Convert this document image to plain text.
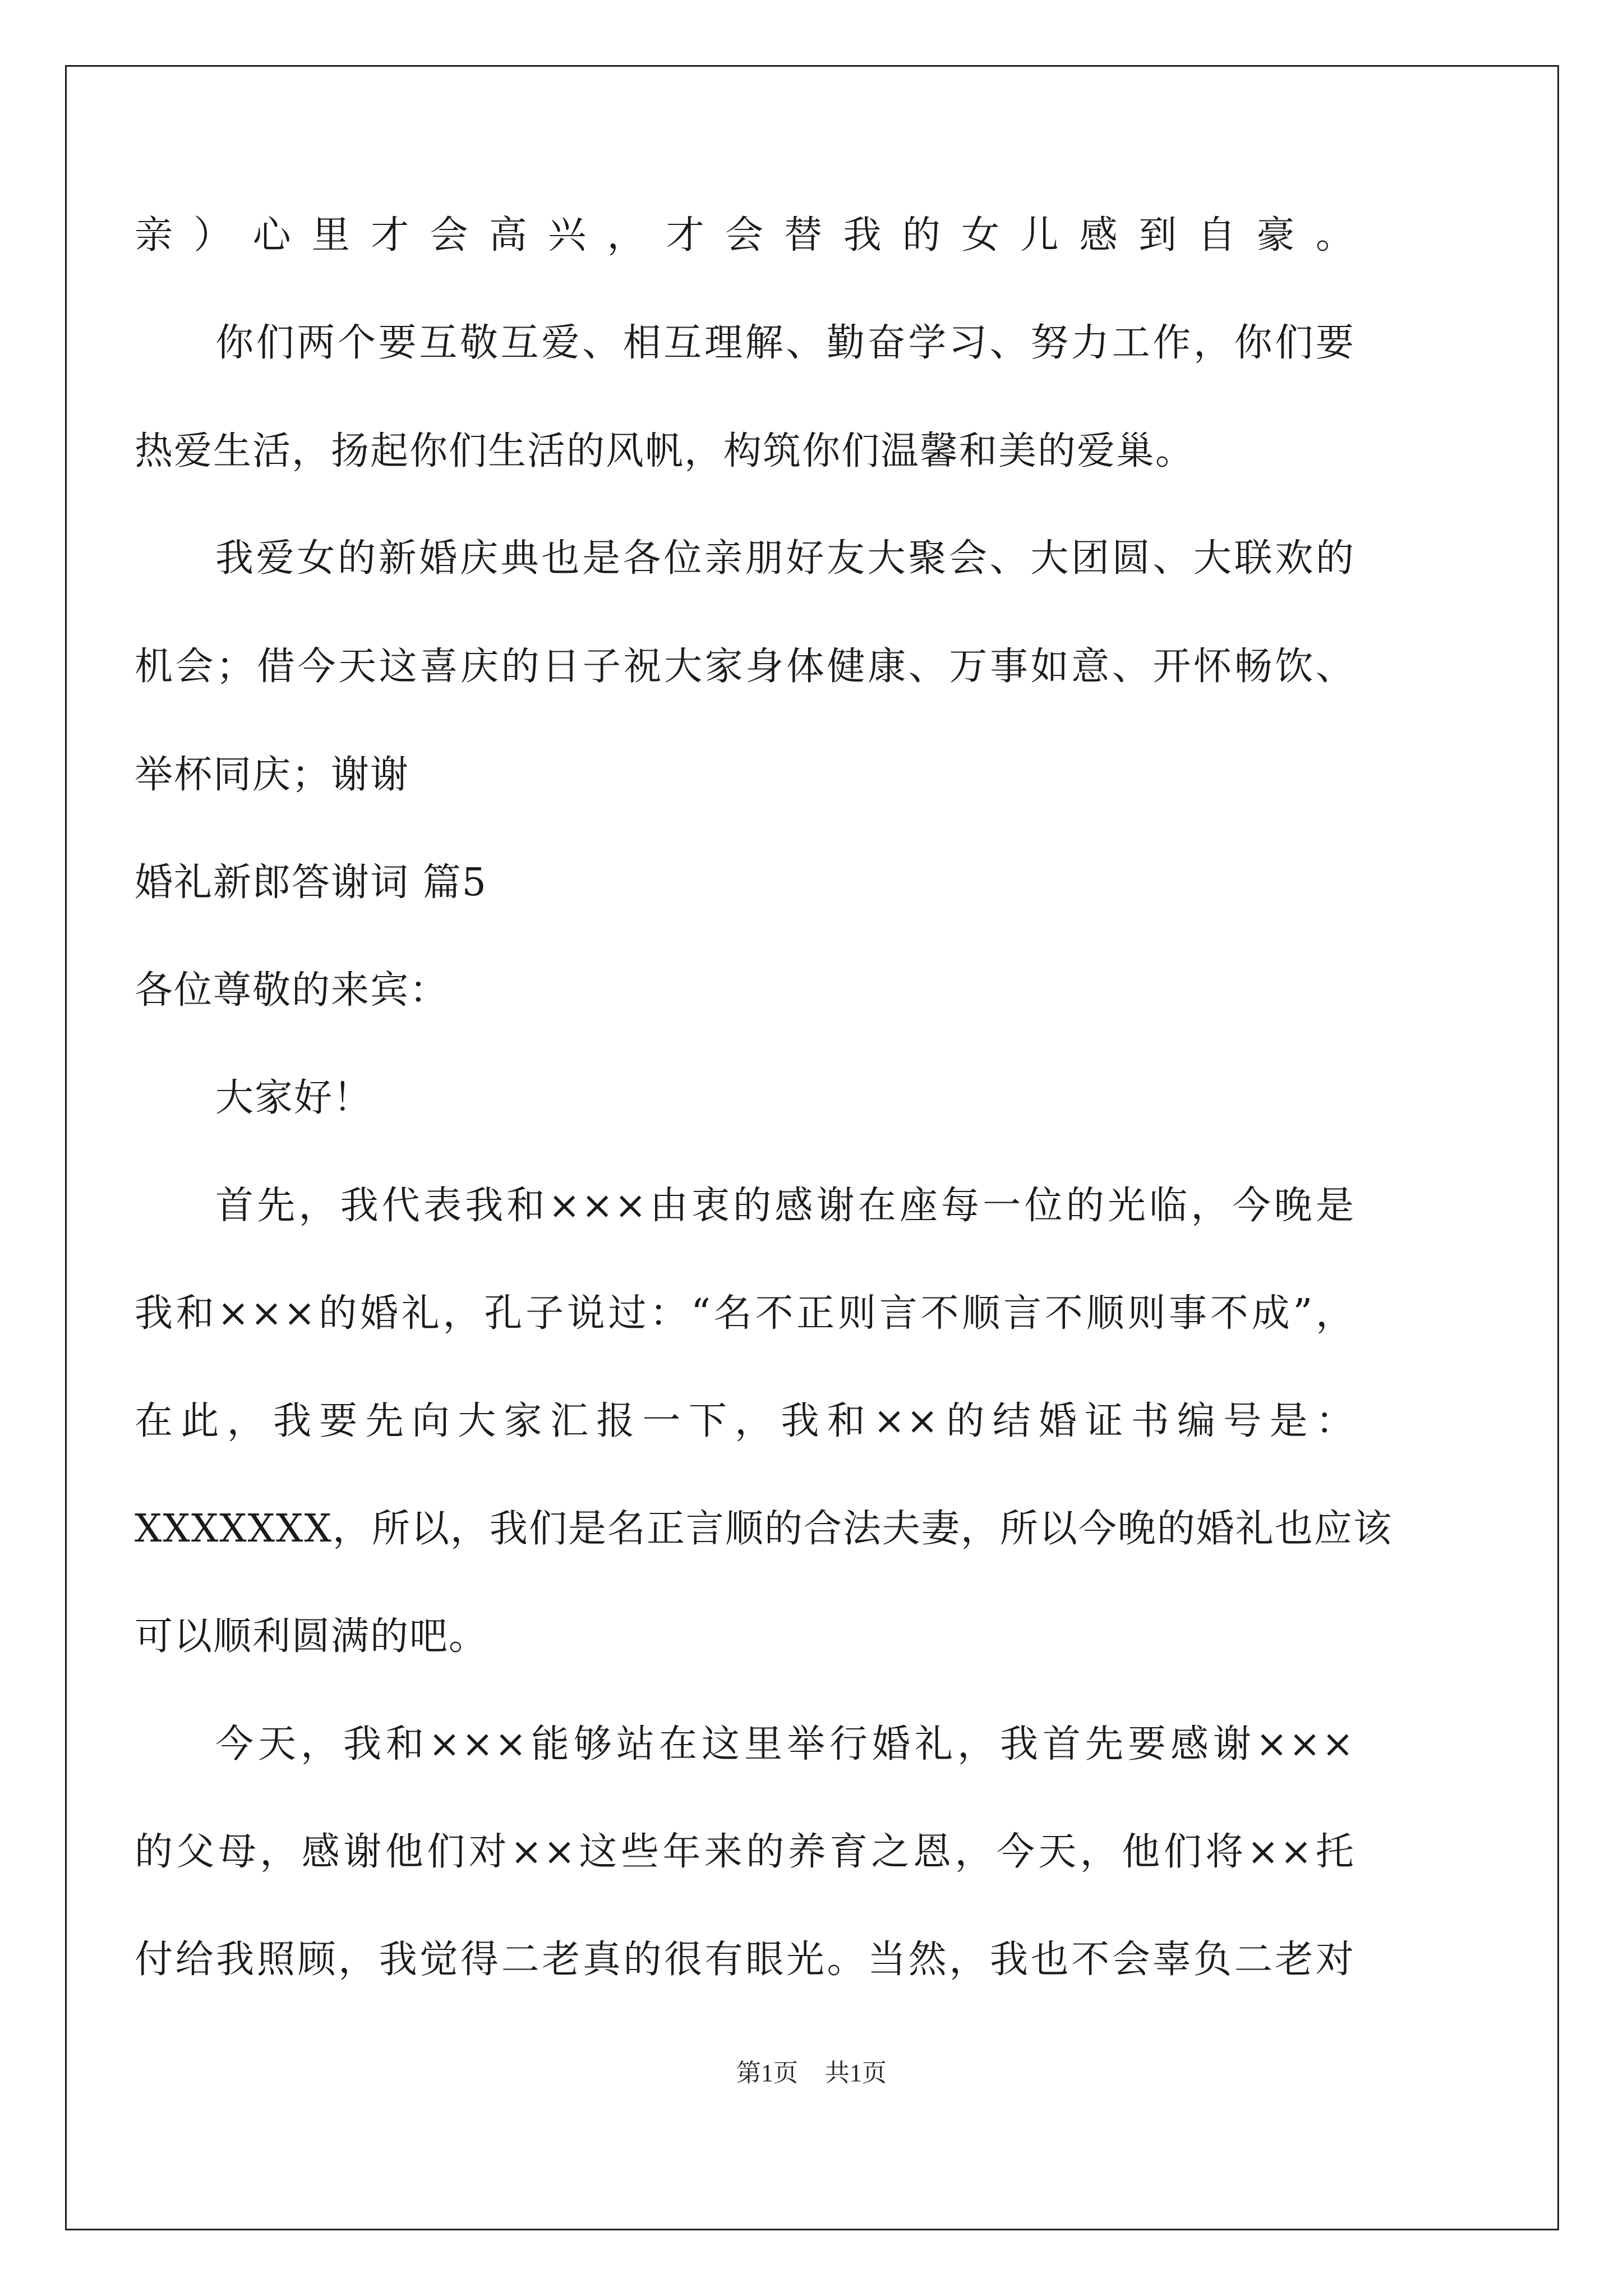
亲）心里才会高兴，才会替我的女儿感到自豪。
你们两个要互敬互爱、相互理解、勤奋学习、努力工作，你们要
热爱生活，扬起你们生活的风帆，构筑你们温馨和美的爱巢。
我爱女的新婚庆典也是各位亲朋好友大聚会、大团圆、大联欢的
机会；借今天这喜庆的日子祝大家身体健康、万事如意、开怀畅饮、
举杯同庆；谢谢
婚礼新郎答谢词 篇5
各位尊敬的来宾：
大家好！
首先，我代表我和×××由衷的感谢在座每一位的光临，今晚是
我和×××的婚礼，孔子说过：“名不正则言不顺言不顺则事不成”，
在此，我要先向大家汇报一下，我和××的结婚证书编号是：
XXXXXXX，所以，我们是名正言顺的合法夫妻，所以今晚的婚礼也应该
可以顺利圆满的吧。
今天，我和×××能够站在这里举行婚礼，我首先要感谢×××
的父母，感谢他们对××这些年来的养育之恩，今天，他们将××托
付给我照顾，我觉得二老真的很有眼光。当然，我也不会辜负二老对
第1页 共1页
